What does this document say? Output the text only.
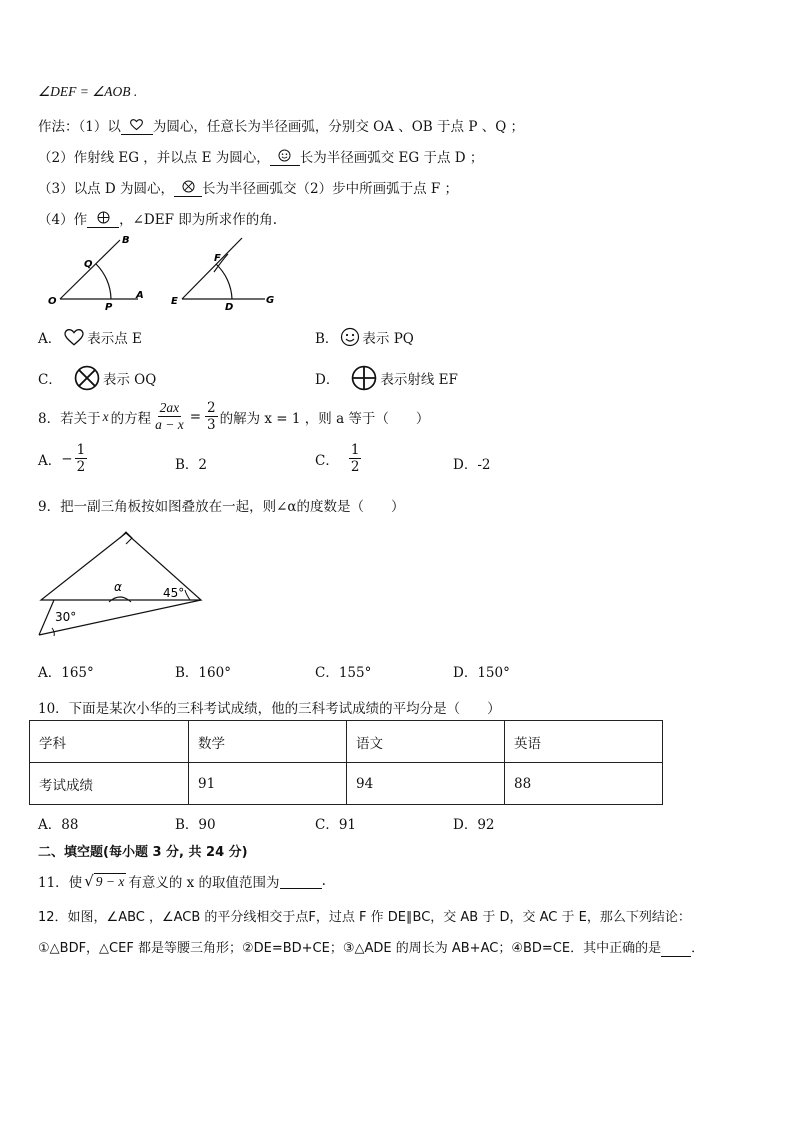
∠DEF = ∠AOB .
作法：（1）以 为圆心，任意长为半径画弧，分别交 OA 、OB 于点 P 、Q ；
（2）作射线 EG ，并以点 E 为圆心， 长为半径画弧交 EG 于点 D ；
（3）以点 D 为圆心， 长为半径画弧交（2）步中所画弧于点 F ；
（4）作 ，∠DEF 即为所求作的角.
O
A
B
P
Q
E
D
G
F
A． 表示点 E	B． 表示 PQ
C．	表示 OQ	D．	表示射线 EF
8．若关于 x 的方程 $\frac{2ax}{a - x} = \frac{2}{3}$ 的解为 x = 1 ，则 a 等于（　　）
A． − $\frac{1}{2}$	B．2	C． $\frac{1}{2}$	D．-2
9．把一副三角板按如图叠放在一起，则∠α的度数是（　　）
α	45°
30°
A．165°	B．160°	C．155°	D．150°
10．下面是某次小华的三科考试成绩，他的三科考试成绩的平均分是（　　）
学科	数学	语文	英语
考试成绩	91	94	88
A．88	B．90	C．91	D．92
二、填空题(每小题 3 分, 共 24 分)
11．使 √ 9 − x 有意义的 x 的取值范围为
	.
12．如图，∠ABC ，∠ACB 的平分线相交于点F，过点 F 作 DE∥BC，交 AB 于 D，交 AC 于 E，那么下列结论：
①△BDF，△CEF 都是等腰三角形；②DE=BD+CE；③△ADE 的周长为 AB+AC；④BD=CE．其中正确的是 ．
